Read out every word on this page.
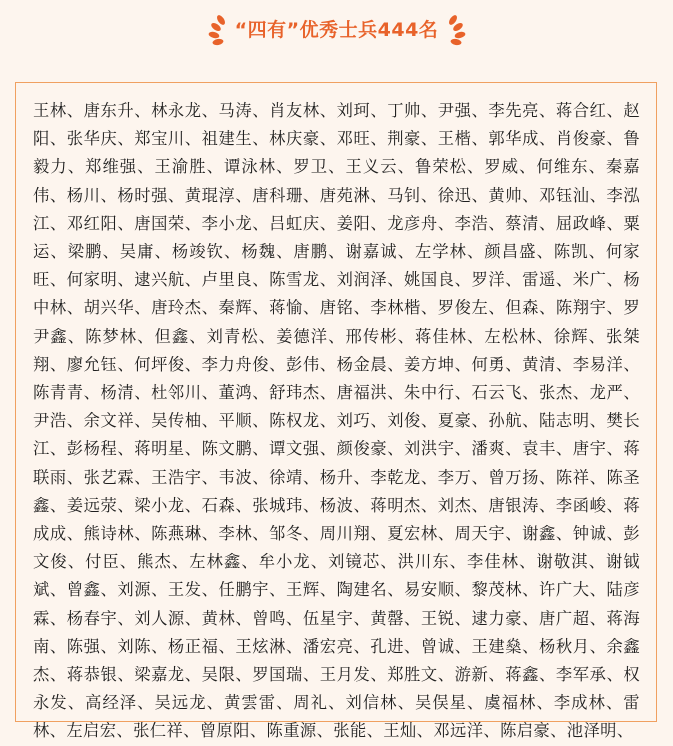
“四有”优秀士兵444名

王林、唐东升、林永龙、马涛、肖友林、刘珂、丁帅、尹强、李先亮、蒋合红、赵阳、张华庆、郑宝川、祖建生、林庆豪、邓旺、荆豪、王楷、郭华成、肖俊豪、鲁毅力、郑维强、王渝胜、谭泳林、罗卫、王义云、鲁荣松、罗威、何维东、秦嘉伟、杨川、杨时强、黄琨淳、唐科珊、唐苑淋、马钊、徐迅、黄帅、邓钰汕、李泓江、邓红阳、唐国荣、李小龙、吕虹庆、姜阳、龙彦舟、李浩、蔡清、屈政峰、粟运、梁鹏、吴庸、杨竣钦、杨魏、唐鹏、谢嘉诚、左学林、颜昌盛、陈凯、何家旺、何家明、逮兴航、卢里良、陈雪龙、刘润泽、姚国良、罗洋、雷遥、米广、杨中林、胡兴华、唐玲杰、秦辉、蒋愉、唐铭、李林楷、罗俊左、但森、陈翔宇、罗尹鑫、陈梦林、但鑫、刘青松、姜德洋、邢传彬、蒋佳林、左松林、徐辉、张桀翔、廖允钰、何坪俊、李力舟俊、彭伟、杨金晨、姜方坤、何勇、黄清、李易洋、陈青青、杨清、杜邻川、董鸿、舒玮杰、唐福洪、朱中行、石云飞、张杰、龙严、尹浩、余文祥、吴传柚、平顺、陈权龙、刘巧、刘俊、夏豪、孙航、陆志明、樊长江、彭杨程、蒋明星、陈文鹏、谭文强、颜俊豪、刘洪宇、潘爽、袁丰、唐宇、蒋联雨、张艺霖、王浩宇、韦波、徐靖、杨升、李乾龙、李万、曾万扬、陈祥、陈圣鑫、姜远荥、梁小龙、石森、张城玮、杨波、蒋明杰、刘杰、唐银涛、李函峻、蒋成成、熊诗林、陈燕琳、李林、邹冬、周川翔、夏宏林、周天宇、谢鑫、钟诚、彭文俊、付臣、熊杰、左林鑫、牟小龙、刘镜芯、洪川东、李佳林、谢敬淇、谢钺斌、曾鑫、刘源、王发、任鹏宇、王辉、陶建名、易安顺、黎茂林、许广大、陆彦霖、杨春宇、刘人源、黄林、曾鸣、伍星宇、黄罄、王锐、逮力豪、唐广超、蒋海南、陈强、刘陈、杨正福、王炫淋、潘宏亮、孔进、曾诚、王建燊、杨秋月、余鑫杰、蒋恭银、梁嘉龙、吴限、罗国瑞、王月发、郑胜文、游新、蒋鑫、李军承、权永发、高经泽、吴远龙、黄雲雷、周礼、刘信林、吴俣星、虞福林、李成林、雷林、左启宏、张仁祥、曾原阳、陈重源、张能、王灿、邓远洋、陈启豪、池泽明、
